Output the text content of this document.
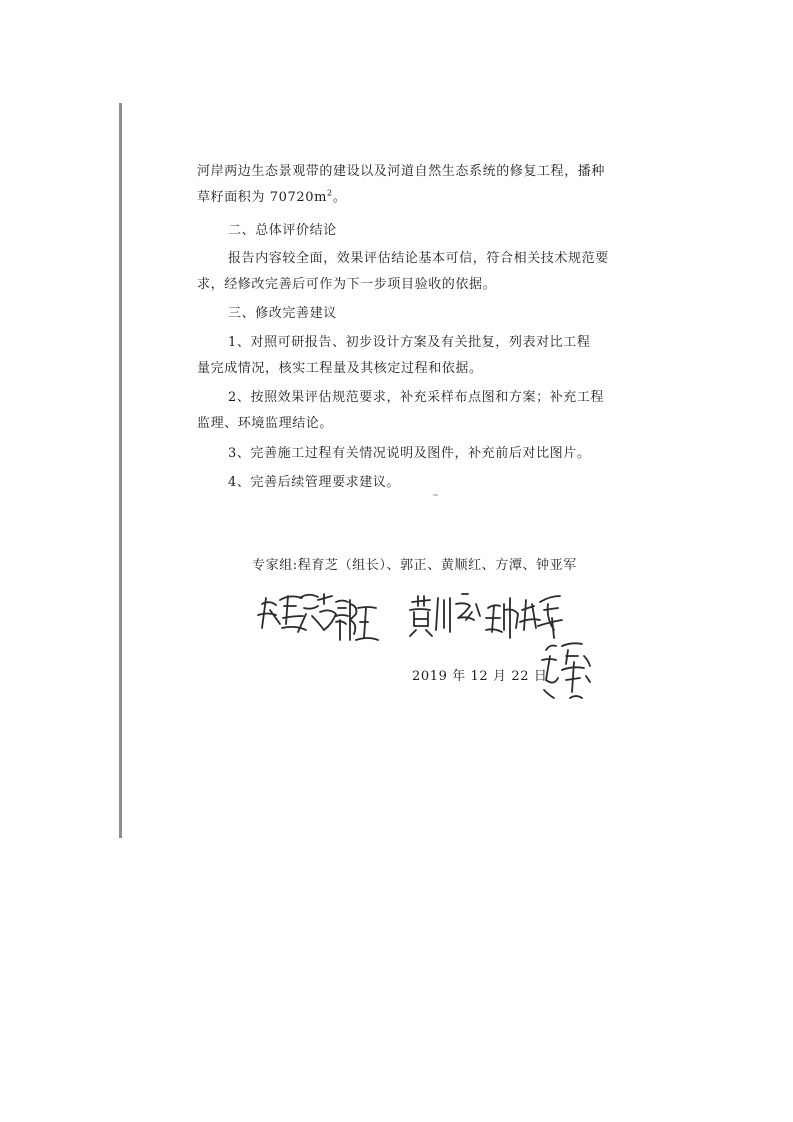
河岸两边生态景观带的建设以及河道自然生态系统的修复工程，播种
草籽面积为 $70720m^2$。
二、总体评价结论
报告内容较全面，效果评估结论基本可信，符合相关技术规范要
求，经修改完善后可作为下一步项目验收的依据。
三、修改完善建议
1、对照可研报告、初步设计方案及有关批复，列表对比工程
量完成情况，核实工程量及其核定过程和依据。
2、按照效果评估规范要求，补充采样布点图和方案；补充工程
监理、环境监理结论。
3、完善施工过程有关情况说明及图件，补充前后对比图片。
4、完善后续管理要求建议。
专家组:程育芝（组长）、郭正、黄顺红、方潭、钟亚军
2019 年 12 月 22 日
